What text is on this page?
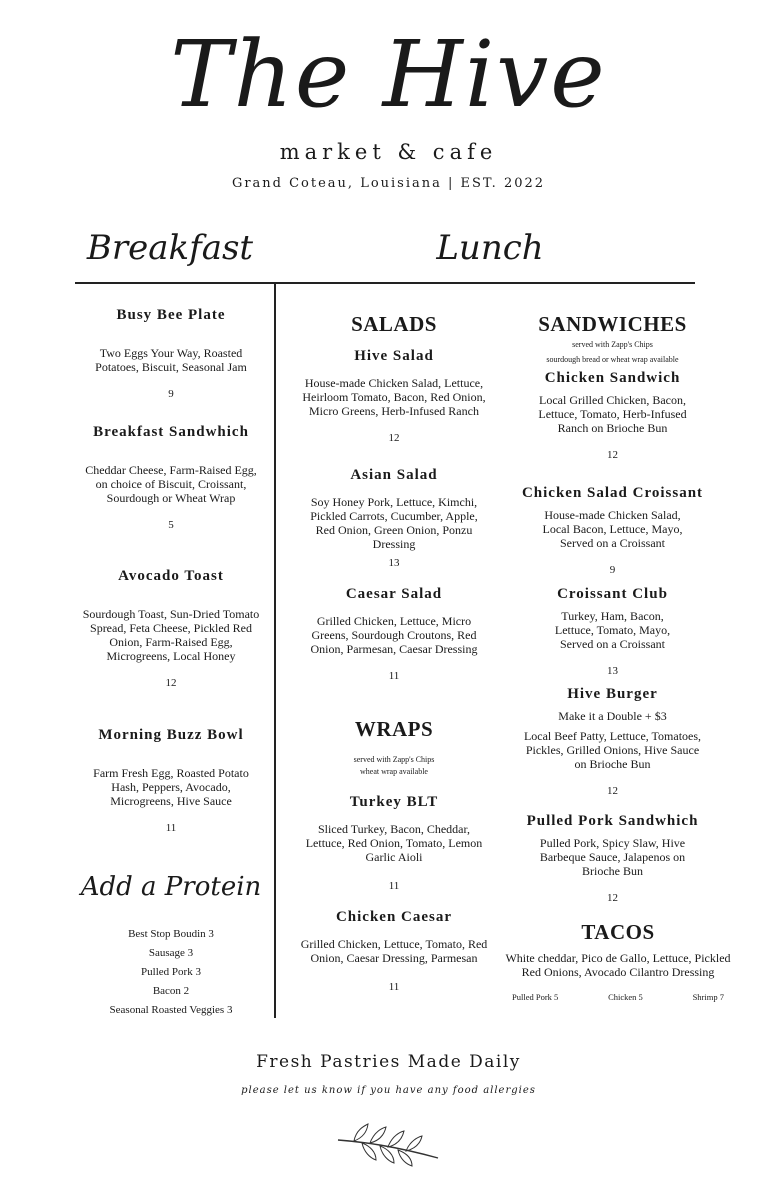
The Hive
market & cafe
Grand Coteau, Louisiana | EST. 2022
Breakfast	Lunch

Busy Bee Plate

Two Eggs Your Way, Roasted Potatoes, Biscuit, Seasonal Jam

9

Breakfast Sandwhich

Cheddar Cheese, Farm-Raised Egg, on choice of Biscuit, Croissant, Sourdough or Wheat Wrap

5

Avocado Toast

Sourdough Toast, Sun-Dried Tomato Spread, Feta Cheese, Pickled Red Onion, Farm-Raised Egg, Microgreens, Local Honey

12

Morning Buzz Bowl

Farm Fresh Egg, Roasted Potato Hash, Peppers, Avocado, Microgreens, Hive Sauce

11

Add a Protein
Best Stop Boudin 3
Sausage 3
Pulled Pork 3
Bacon 2
Seasonal Roasted Veggies 3

SALADS

Hive Salad

House-made Chicken Salad, Lettuce, Heirloom Tomato, Bacon, Red Onion, Micro Greens, Herb-Infused Ranch

12

Asian Salad

Soy Honey Pork, Lettuce, Kimchi, Pickled Carrots, Cucumber, Apple, Red Onion, Green Onion, Ponzu Dressing

13

Caesar Salad

Grilled Chicken, Lettuce, Micro Greens, Sourdough Croutons, Red Onion, Parmesan, Caesar Dressing

11

WRAPS

served with Zapp's Chips

wheat wrap available

Turkey BLT

Sliced Turkey, Bacon, Cheddar, Lettuce, Red Onion, Tomato, Lemon Garlic Aioli

11

Chicken Caesar

Grilled Chicken, Lettuce, Tomato, Red Onion, Caesar Dressing, Parmesan

11

SANDWICHES

served with Zapp's Chips

sourdough bread or wheat wrap available

Chicken Sandwich

Local Grilled Chicken, Bacon, Lettuce, Tomato, Herb-Infused Ranch on Brioche Bun

12

Chicken Salad Croissant

House-made Chicken Salad, Local Bacon, Lettuce, Mayo, Served on a Croissant

9

Croissant Club

Turkey, Ham, Bacon, Lettuce, Tomato, Mayo, Served on a Croissant

13

Hive Burger

Make it a Double + $3

Local Beef Patty, Lettuce, Tomatoes, Pickles, Grilled Onions, Hive Sauce on Brioche Bun

12

Pulled Pork Sandwhich

Pulled Pork, Spicy Slaw, Hive Barbeque Sauce, Jalapenos on Brioche Bun

12

TACOS

White cheddar, Pico de Gallo, Lettuce, Pickled Red Onions, Avocado Cilantro Dressing

Pulled Pork 5	Chicken 5	Shrimp 7
Fresh Pastries Made Daily
please let us know if you have any food allergies
